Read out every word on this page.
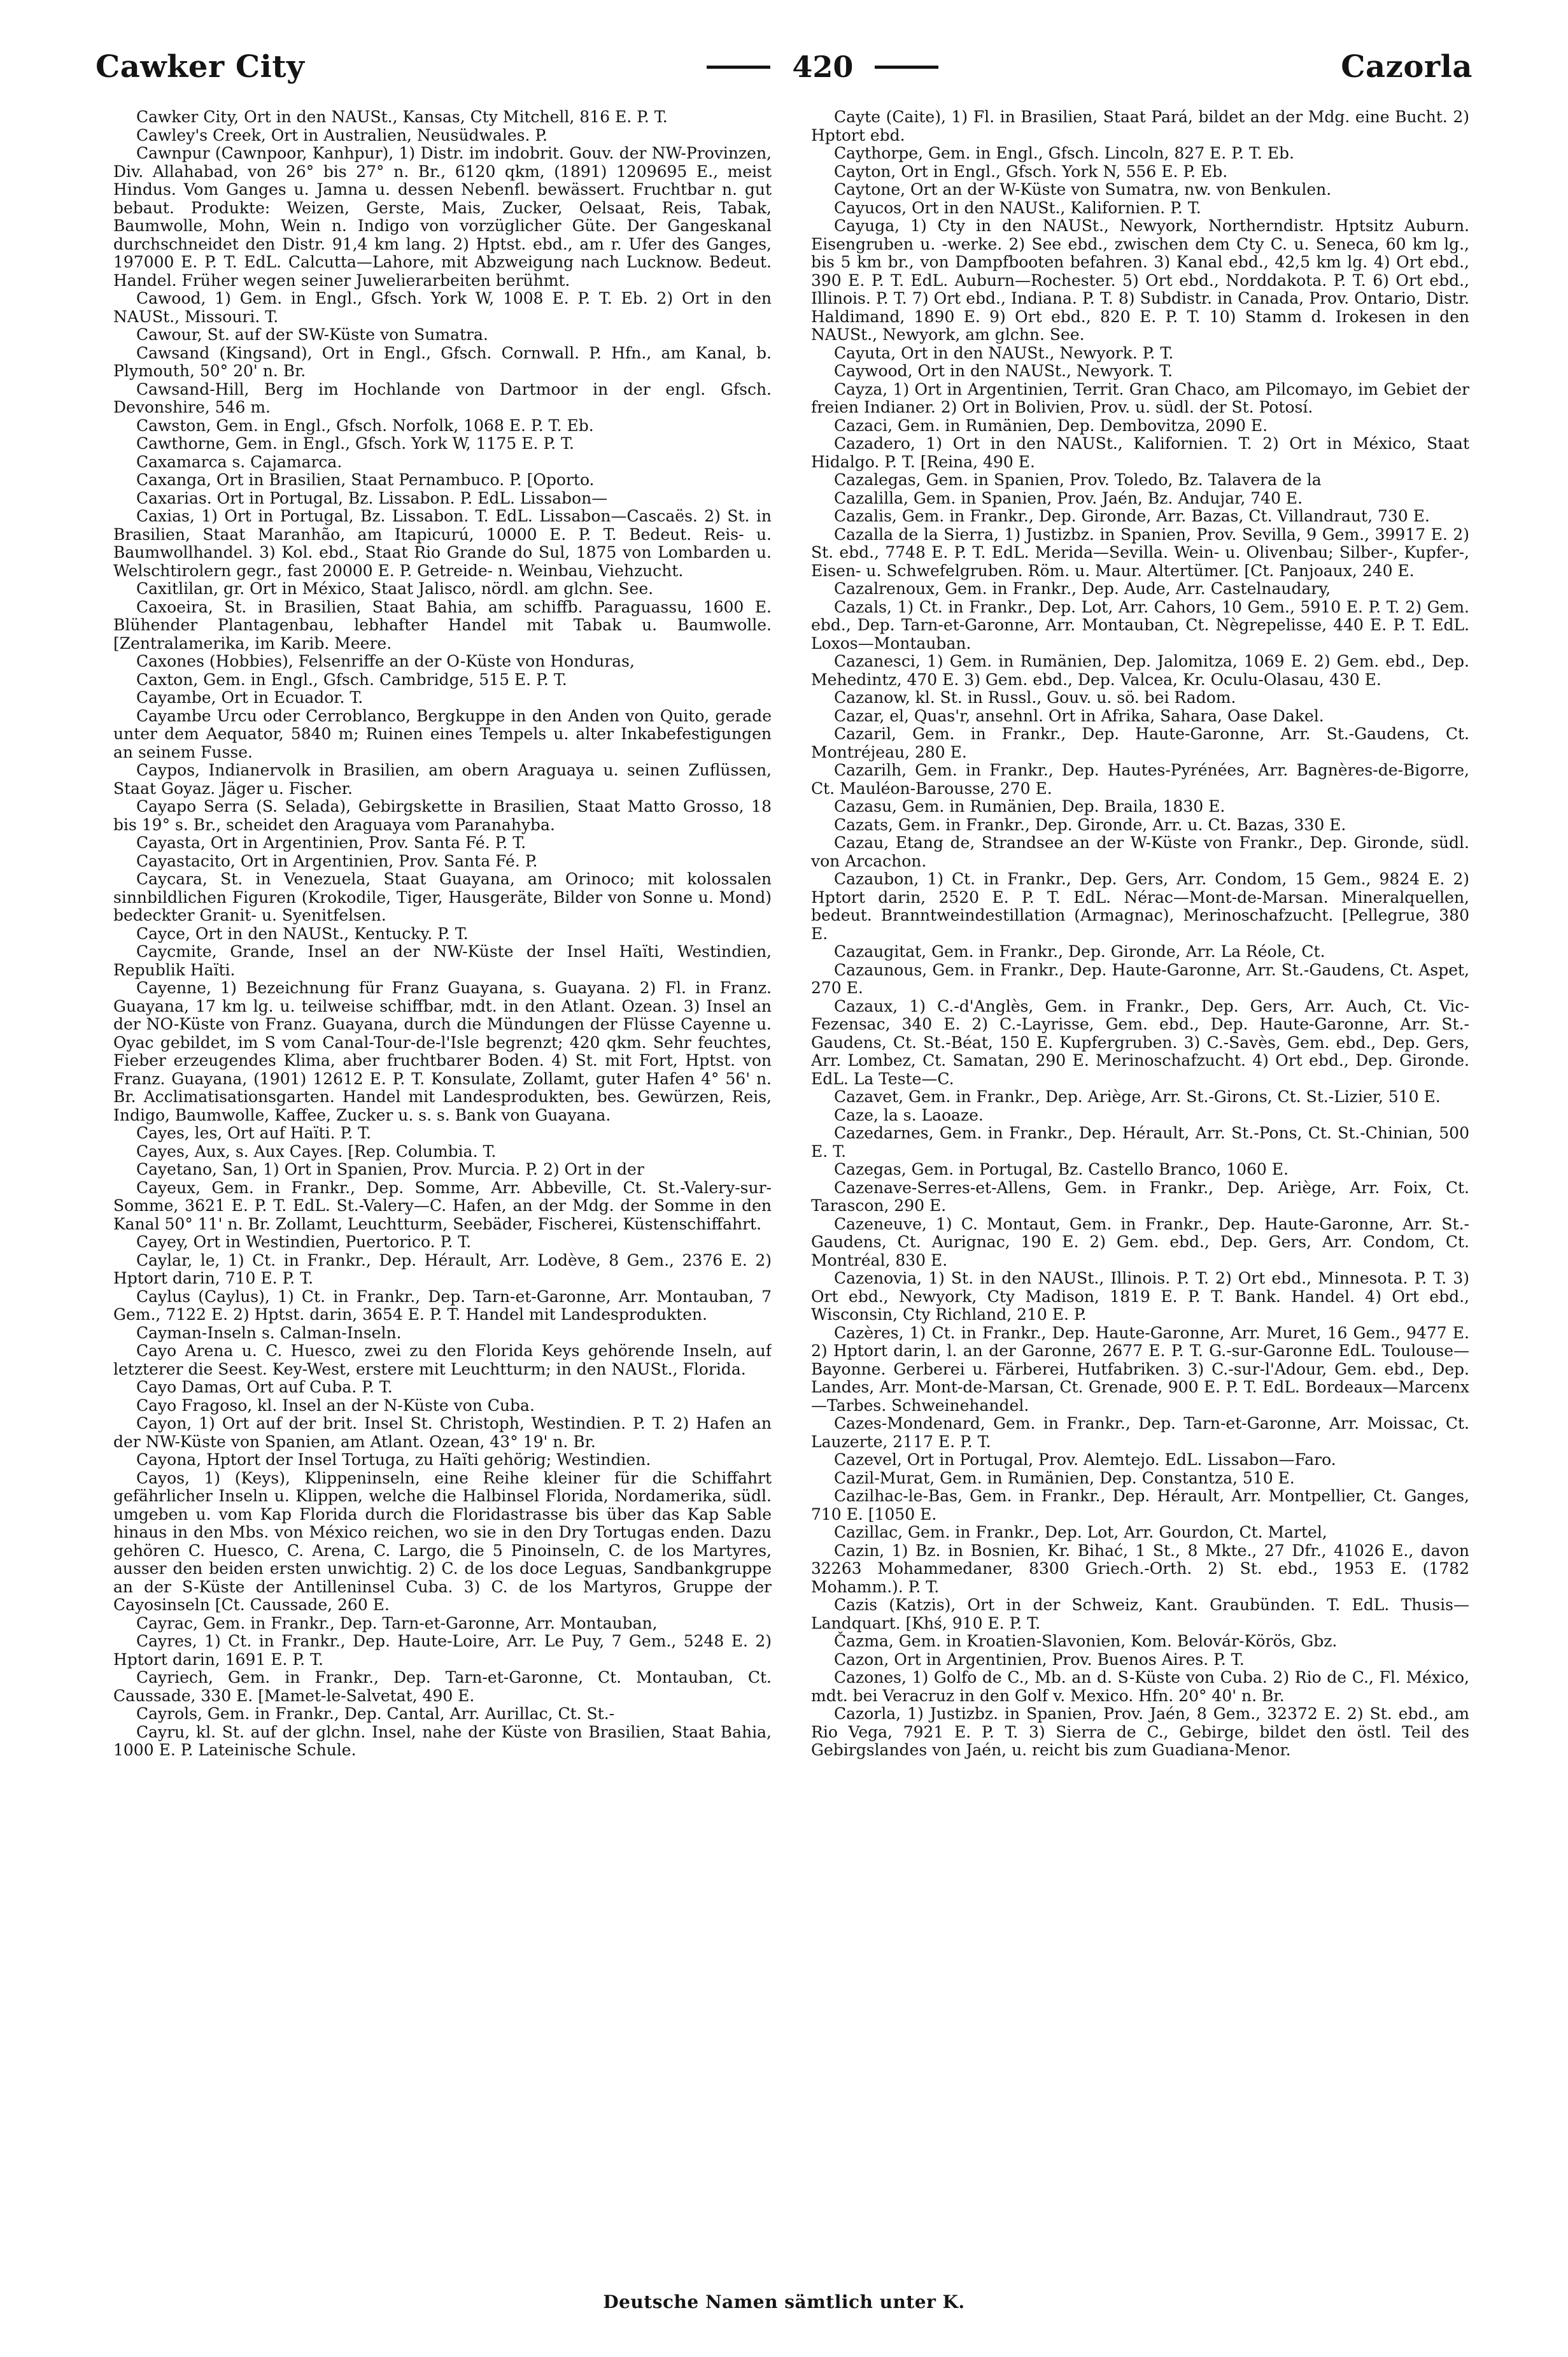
Cawker City	420	Cazorla

Cawker City, Ort in den NAUSt., Kansas, Cty Mitchell, 816 E. P. T.

Cawley's Creek, Ort in Australien, Neusüdwales. P.

Cawnpur (Cawnpoor, Kanhpur), 1) Distr. im indobrit. Gouv. der NW-Provinzen, Div. Allahabad, von 26° bis 27° n. Br., 6120 qkm, (1891) 1209695 E., meist Hindus. Vom Ganges u. Jamna u. dessen Nebenfl. bewässert. Fruchtbar n. gut bebaut. Produkte: Weizen, Gerste, Mais, Zucker, Oelsaat, Reis, Tabak, Baumwolle, Mohn, Wein n. Indigo von vorzüglicher Güte. Der Gangeskanal durchschneidet den Distr. 91,4 km lang. 2) Hptst. ebd., am r. Ufer des Ganges, 197000 E. P. T. EdL. Calcutta—Lahore, mit Abzweigung nach Lucknow. Bedeut. Handel. Früher wegen seiner Juwelierarbeiten berühmt.

Cawood, 1) Gem. in Engl., Gfsch. York W, 1008 E. P. T. Eb. 2) Ort in den NAUSt., Missouri. T.

Cawour, St. auf der SW-Küste von Sumatra.

Cawsand (Kingsand), Ort in Engl., Gfsch. Cornwall. P. Hfn., am Kanal, b. Plymouth, 50° 20' n. Br.

Cawsand-Hill, Berg im Hochlande von Dartmoor in der engl. Gfsch. Devonshire, 546 m.

Cawston, Gem. in Engl., Gfsch. Norfolk, 1068 E. P. T. Eb.

Cawthorne, Gem. in Engl., Gfsch. York W, 1175 E. P. T.

Caxamarca s. Cajamarca.

Caxanga, Ort in Brasilien, Staat Pernambuco. P. [Oporto.

Caxarias. Ort in Portugal, Bz. Lissabon. P. EdL. Lissabon—

Caxias, 1) Ort in Portugal, Bz. Lissabon. T. EdL. Lissabon—Cascaës. 2) St. in Brasilien, Staat Maranhão, am Itapicurú, 10000 E. P. T. Bedeut. Reis- u. Baumwollhandel. 3) Kol. ebd., Staat Rio Grande do Sul, 1875 von Lombarden u. Welschtirolern gegr., fast 20000 E. P. Getreide- n. Weinbau, Viehzucht.

Caxitlilan, gr. Ort in México, Staat Jalisco, nördl. am glchn. See.

Caxoeira, St. in Brasilien, Staat Bahia, am schiffb. Paraguassu, 1600 E. Blühender Plantagenbau, lebhafter Handel mit Tabak u. Baumwolle. [Zentralamerika, im Karib. Meere.

Caxones (Hobbies), Felsenriffe an der O-Küste von Honduras,

Caxton, Gem. in Engl., Gfsch. Cambridge, 515 E. P. T.

Cayambe, Ort in Ecuador. T.

Cayambe Urcu oder Cerroblanco, Bergkuppe in den Anden von Quito, gerade unter dem Aequator, 5840 m; Ruinen eines Tempels u. alter Inkabefestigungen an seinem Fusse.

Caypos, Indianervolk in Brasilien, am obern Araguaya u. seinen Zuflüssen, Staat Goyaz. Jäger u. Fischer.

Cayapo Serra (S. Selada), Gebirgskette in Brasilien, Staat Matto Grosso, 18 bis 19° s. Br., scheidet den Araguaya vom Paranahyba.

Cayasta, Ort in Argentinien, Prov. Santa Fé. P. T.

Cayastacito, Ort in Argentinien, Prov. Santa Fé. P.

Caycara, St. in Venezuela, Staat Guayana, am Orinoco; mit kolossalen sinnbildlichen Figuren (Krokodile, Tiger, Hausgeräte, Bilder von Sonne u. Mond) bedeckter Granit- u. Syenitfelsen.

Cayce, Ort in den NAUSt., Kentucky. P. T.

Caycmite, Grande, Insel an der NW-Küste der Insel Haïti, Westindien, Republik Haïti.

Cayenne, 1) Bezeichnung für Franz Guayana, s. Guayana. 2) Fl. in Franz. Guayana, 17 km lg. u. teilweise schiffbar, mdt. in den Atlant. Ozean. 3) Insel an der NO-Küste von Franz. Guayana, durch die Mündungen der Flüsse Cayenne u. Oyac gebildet, im S vom Canal-Tour-de-l'Isle begrenzt; 420 qkm. Sehr feuchtes, Fieber erzeugendes Klima, aber fruchtbarer Boden. 4) St. mit Fort, Hptst. von Franz. Guayana, (1901) 12612 E. P. T. Konsulate, Zollamt, guter Hafen 4° 56' n. Br. Acclimatisationsgarten. Handel mit Landesprodukten, bes. Gewürzen, Reis, Indigo, Baumwolle, Kaffee, Zucker u. s. s. Bank von Guayana.

Cayes, les, Ort auf Haïti. P. T.

Cayes, Aux, s. Aux Cayes. [Rep. Columbia. T.

Cayetano, San, 1) Ort in Spanien, Prov. Murcia. P. 2) Ort in der

Cayeux, Gem. in Frankr., Dep. Somme, Arr. Abbeville, Ct. St.-Valery-sur-Somme, 3621 E. P. T. EdL. St.-Valery—C. Hafen, an der Mdg. der Somme in den Kanal 50° 11' n. Br. Zollamt, Leuchtturm, Seebäder, Fischerei, Küstenschiffahrt.

Cayey, Ort in Westindien, Puertorico. P. T.

Caylar, le, 1) Ct. in Frankr., Dep. Hérault, Arr. Lodève, 8 Gem., 2376 E. 2) Hptort darin, 710 E. P. T.

Caylus (Caylus), 1) Ct. in Frankr., Dep. Tarn-et-Garonne, Arr. Montauban, 7 Gem., 7122 E. 2) Hptst. darin, 3654 E. P. T. Handel mit Landesprodukten.

Cayman-Inseln s. Calman-Inseln.

Cayo Arena u. C. Huesco, zwei zu den Florida Keys gehörende Inseln, auf letzterer die Seest. Key-West, erstere mit Leuchtturm; in den NAUSt., Florida.

Cayo Damas, Ort auf Cuba. P. T.

Cayo Fragoso, kl. Insel an der N-Küste von Cuba.

Cayon, 1) Ort auf der brit. Insel St. Christoph, Westindien. P. T. 2) Hafen an der NW-Küste von Spanien, am Atlant. Ozean, 43° 19' n. Br.

Cayona, Hptort der Insel Tortuga, zu Haïti gehörig; Westindien.

Cayos, 1) (Keys), Klippeninseln, eine Reihe kleiner für die Schiffahrt gefährlicher Inseln u. Klippen, welche die Halbinsel Florida, Nordamerika, südl. umgeben u. vom Kap Florida durch die Floridastrasse bis über das Kap Sable hinaus in den Mbs. von México reichen, wo sie in den Dry Tortugas enden. Dazu gehören C. Huesco, C. Arena, C. Largo, die 5 Pinoinseln, C. de los Martyres, ausser den beiden ersten unwichtig. 2) C. de los doce Leguas, Sandbankgruppe an der S-Küste der Antilleninsel Cuba. 3) C. de los Martyros, Gruppe der Cayosinseln [Ct. Caussade, 260 E.

Cayrac, Gem. in Frankr., Dep. Tarn-et-Garonne, Arr. Montauban,

Cayres, 1) Ct. in Frankr., Dep. Haute-Loire, Arr. Le Puy, 7 Gem., 5248 E. 2) Hptort darin, 1691 E. P. T.

Cayriech, Gem. in Frankr., Dep. Tarn-et-Garonne, Ct. Montauban, Ct. Caussade, 330 E. [Mamet-le-Salvetat, 490 E.

Cayrols, Gem. in Frankr., Dep. Cantal, Arr. Aurillac, Ct. St.-

Cayru, kl. St. auf der glchn. Insel, nahe der Küste von Brasilien, Staat Bahia, 1000 E. P. Lateinische Schule.

Cayte (Caite), 1) Fl. in Brasilien, Staat Pará, bildet an der Mdg. eine Bucht. 2) Hptort ebd.

Caythorpe, Gem. in Engl., Gfsch. Lincoln, 827 E. P. T. Eb.

Cayton, Ort in Engl., Gfsch. York N, 556 E. P. Eb.

Caytone, Ort an der W-Küste von Sumatra, nw. von Benkulen.

Cayucos, Ort in den NAUSt., Kalifornien. P. T.

Cayuga, 1) Cty in den NAUSt., Newyork, Northerndistr. Hptsitz Auburn. Eisengruben u. -werke. 2) See ebd., zwischen dem Cty C. u. Seneca, 60 km lg., bis 5 km br., von Dampfbooten befahren. 3) Kanal ebd., 42,5 km lg. 4) Ort ebd., 390 E. P. T. EdL. Auburn—Rochester. 5) Ort ebd., Norddakota. P. T. 6) Ort ebd., Illinois. P. T. 7) Ort ebd., Indiana. P. T. 8) Subdistr. in Canada, Prov. Ontario, Distr. Haldimand, 1890 E. 9) Ort ebd., 820 E. P. T. 10) Stamm d. Irokesen in den NAUSt., Newyork, am glchn. See.

Cayuta, Ort in den NAUSt., Newyork. P. T.

Caywood, Ort in den NAUSt., Newyork. T.

Cayza, 1) Ort in Argentinien, Territ. Gran Chaco, am Pilcomayo, im Gebiet der freien Indianer. 2) Ort in Bolivien, Prov. u. südl. der St. Potosí.

Cazaci, Gem. in Rumänien, Dep. Dembovitza, 2090 E.

Cazadero, 1) Ort in den NAUSt., Kalifornien. T. 2) Ort in México, Staat Hidalgo. P. T. [Reina, 490 E.

Cazalegas, Gem. in Spanien, Prov. Toledo, Bz. Talavera de la

Cazalilla, Gem. in Spanien, Prov. Jaén, Bz. Andujar, 740 E.

Cazalis, Gem. in Frankr., Dep. Gironde, Arr. Bazas, Ct. Villandraut, 730 E.

Cazalla de la Sierra, 1) Justizbz. in Spanien, Prov. Sevilla, 9 Gem., 39917 E. 2) St. ebd., 7748 E. P. T. EdL. Merida—Sevilla. Wein- u. Olivenbau; Silber-, Kupfer-, Eisen- u. Schwefelgruben. Röm. u. Maur. Altertümer. [Ct. Panjoaux, 240 E.

Cazalrenoux, Gem. in Frankr., Dep. Aude, Arr. Castelnaudary,

Cazals, 1) Ct. in Frankr., Dep. Lot, Arr. Cahors, 10 Gem., 5910 E. P. T. 2) Gem. ebd., Dep. Tarn-et-Garonne, Arr. Montauban, Ct. Nègrepelisse, 440 E. P. T. EdL. Loxos—Montauban.

Cazanesci, 1) Gem. in Rumänien, Dep. Jalomitza, 1069 E. 2) Gem. ebd., Dep. Mehedintz, 470 E. 3) Gem. ebd., Dep. Valcea, Kr. Oculu-Olasau, 430 E.

Cazanow, kl. St. in Russl., Gouv. u. sö. bei Radom.

Cazar, el, Quas'r, ansehnl. Ort in Afrika, Sahara, Oase Dakel.

Cazaril, Gem. in Frankr., Dep. Haute-Garonne, Arr. St.-Gaudens, Ct. Montréjeau, 280 E.

Cazarilh, Gem. in Frankr., Dep. Hautes-Pyrénées, Arr. Bagnères-de-Bigorre, Ct. Mauléon-Barousse, 270 E.

Cazasu, Gem. in Rumänien, Dep. Braila, 1830 E.

Cazats, Gem. in Frankr., Dep. Gironde, Arr. u. Ct. Bazas, 330 E.

Cazau, Etang de, Strandsee an der W-Küste von Frankr., Dep. Gironde, südl. von Arcachon.

Cazaubon, 1) Ct. in Frankr., Dep. Gers, Arr. Condom, 15 Gem., 9824 E. 2) Hptort darin, 2520 E. P. T. EdL. Nérac—Mont-de-Marsan. Mineralquellen, bedeut. Branntweindestillation (Armagnac), Merinoschafzucht. [Pellegrue, 380 E.

Cazaugitat, Gem. in Frankr., Dep. Gironde, Arr. La Réole, Ct.

Cazaunous, Gem. in Frankr., Dep. Haute-Garonne, Arr. St.-Gaudens, Ct. Aspet, 270 E.

Cazaux, 1) C.-d'Anglès, Gem. in Frankr., Dep. Gers, Arr. Auch, Ct. Vic-Fezensac, 340 E. 2) C.-Layrisse, Gem. ebd., Dep. Haute-Garonne, Arr. St.-Gaudens, Ct. St.-Béat, 150 E. Kupfergruben. 3) C.-Savès, Gem. ebd., Dep. Gers, Arr. Lombez, Ct. Samatan, 290 E. Merinoschafzucht. 4) Ort ebd., Dep. Gironde. EdL. La Teste—C.

Cazavet, Gem. in Frankr., Dep. Ariège, Arr. St.-Girons, Ct. St.-Lizier, 510 E.

Caze, la s. Laoaze.

Cazedarnes, Gem. in Frankr., Dep. Hérault, Arr. St.-Pons, Ct. St.-Chinian, 500 E. T.

Cazegas, Gem. in Portugal, Bz. Castello Branco, 1060 E.

Cazenave-Serres-et-Allens, Gem. in Frankr., Dep. Ariège, Arr. Foix, Ct. Tarascon, 290 E.

Cazeneuve, 1) C. Montaut, Gem. in Frankr., Dep. Haute-Garonne, Arr. St.-Gaudens, Ct. Aurignac, 190 E. 2) Gem. ebd., Dep. Gers, Arr. Condom, Ct. Montréal, 830 E.

Cazenovia, 1) St. in den NAUSt., Illinois. P. T. 2) Ort ebd., Minnesota. P. T. 3) Ort ebd., Newyork, Cty Madison, 1819 E. P. T. Bank. Handel. 4) Ort ebd., Wisconsin, Cty Richland, 210 E. P.

Cazères, 1) Ct. in Frankr., Dep. Haute-Garonne, Arr. Muret, 16 Gem., 9477 E. 2) Hptort darin, l. an der Garonne, 2677 E. P. T. G.-sur-Garonne EdL. Toulouse—Bayonne. Gerberei u. Färberei, Hutfabriken. 3) C.-sur-l'Adour, Gem. ebd., Dep. Landes, Arr. Mont-de-Marsan, Ct. Grenade, 900 E. P. T. EdL. Bordeaux—Marcenx—Tarbes. Schweinehandel.

Cazes-Mondenard, Gem. in Frankr., Dep. Tarn-et-Garonne, Arr. Moissac, Ct. Lauzerte, 2117 E. P. T.

Cazevel, Ort in Portugal, Prov. Alemtejo. EdL. Lissabon—Faro.

Cazil-Murat, Gem. in Rumänien, Dep. Constantza, 510 E.

Cazilhac-le-Bas, Gem. in Frankr., Dep. Hérault, Arr. Montpellier, Ct. Ganges, 710 E. [1050 E.

Cazillac, Gem. in Frankr., Dep. Lot, Arr. Gourdon, Ct. Martel,

Cazin, 1) Bz. in Bosnien, Kr. Bihać, 1 St., 8 Mkte., 27 Dfr., 41026 E., davon 32263 Mohammedaner, 8300 Griech.-Orth. 2) St. ebd., 1953 E. (1782 Mohamm.). P. T.

Cazis (Katzis), Ort in der Schweiz, Kant. Graubünden. T. EdL. Thusis—Landquart. [Khś, 910 E. P. T.

Čazma, Gem. in Kroatien-Slavonien, Kom. Belovár-Körös, Gbz.

Cazon, Ort in Argentinien, Prov. Buenos Aires. P. T.

Cazones, 1) Golfo de C., Mb. an d. S-Küste von Cuba. 2) Rio de C., Fl. México, mdt. bei Veracruz in den Golf v. Mexico. Hfn. 20° 40' n. Br.

Cazorla, 1) Justizbz. in Spanien, Prov. Jaén, 8 Gem., 32372 E. 2) St. ebd., am Rio Vega, 7921 E. P. T. 3) Sierra de C., Gebirge, bildet den östl. Teil des Gebirgslandes von Jaén, u. reicht bis zum Guadiana-Menor.

Deutsche Namen sämtlich unter K.
